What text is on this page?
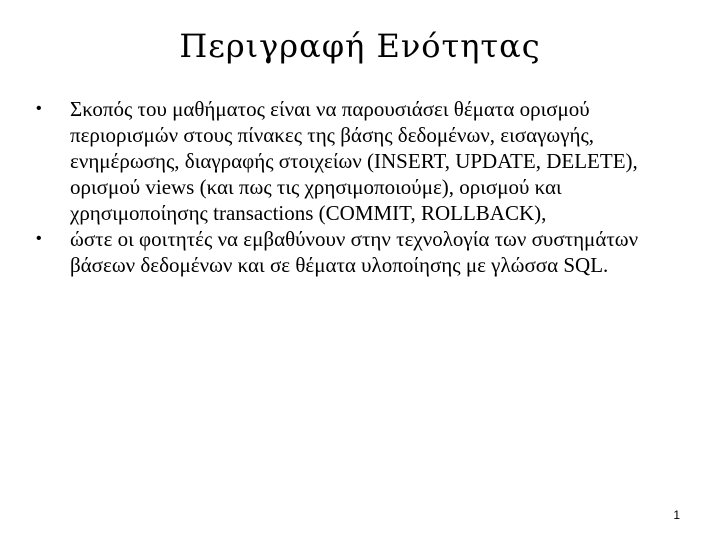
Περιγραφή Ενότητας
•	Σκοπός του μαθήματος είναι να παρουσιάσει θέματα ορισμού περιορισμών στους πίνακες της βάσης δεδομένων, εισαγωγής, ενημέρωσης, διαγραφής στοιχείων (INSERT, UPDATE, DELETE), ορισμού views (και πως τις χρησιμοποιούμε), ορισμού και χρησιμοποίησης transactions (COMMIT, ROLLBACK),
•	ώστε οι φοιτητές να εμβαθύνουν στην τεχνολογία των συστημάτων βάσεων δεδομένων και σε θέματα υλοποίησης με γλώσσα SQL.
1
